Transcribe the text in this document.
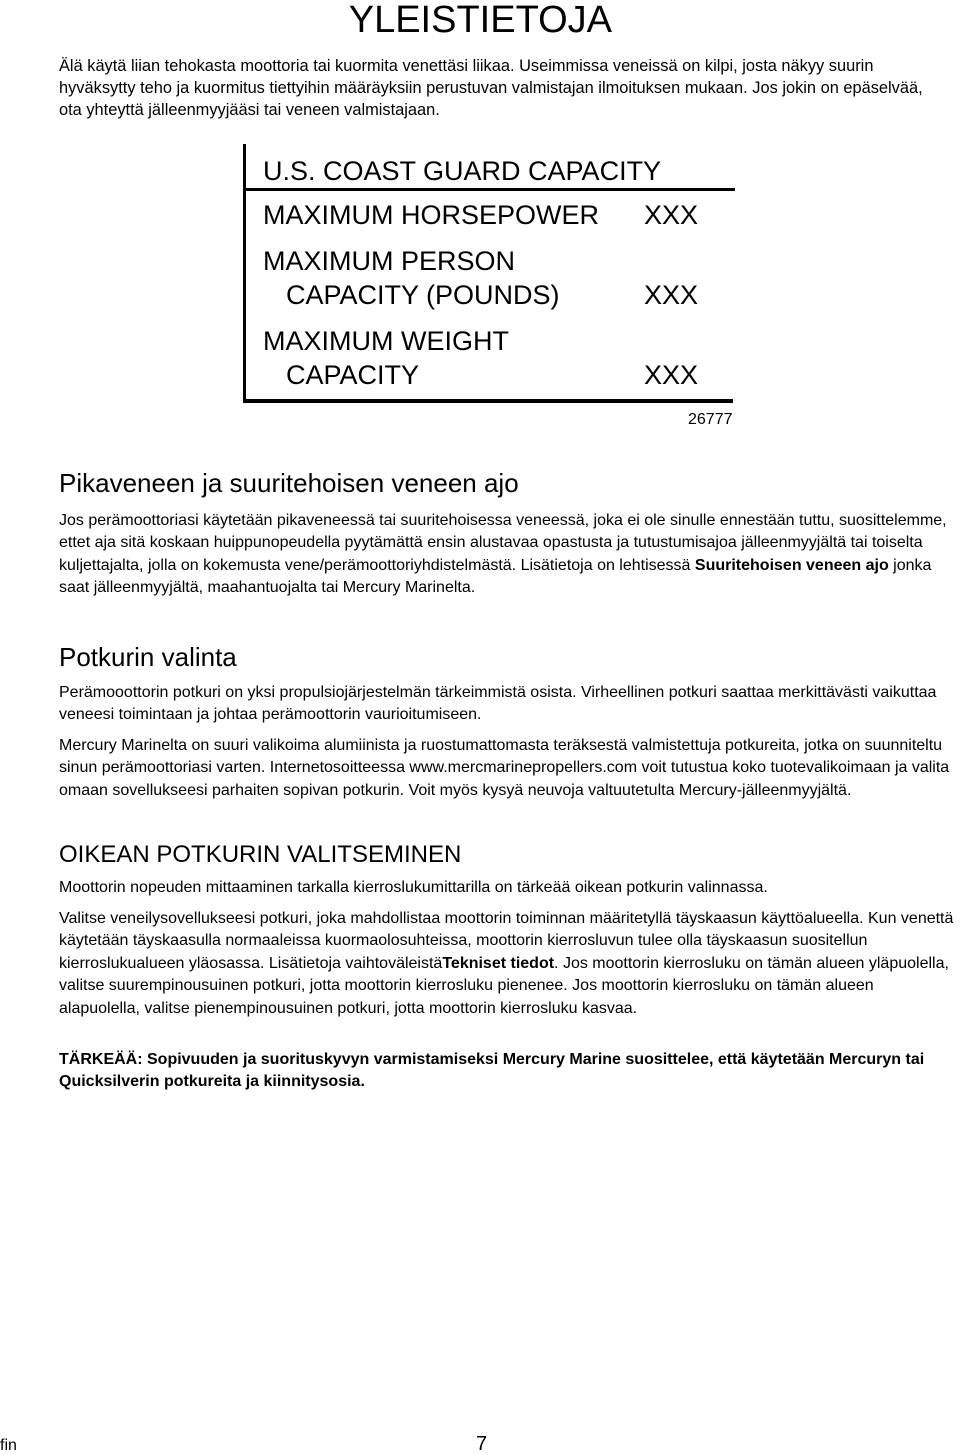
YLEISTIETOJA

Älä käytä liian tehokasta moottoria tai kuormita venettäsi liikaa. Useimmissa veneissä on kilpi, josta näkyy suurin hyväksytty teho ja kuormitus tiettyihin määräyksiin perustuvan valmistajan ilmoituksen mukaan. Jos jokin on epäselvää, ota yhteyttä jälleenmyyjääsi tai veneen valmistajaan.

U.S. COAST GUARD CAPACITY
MAXIMUM HORSEPOWER XXX
MAXIMUM PERSON
CAPACITY (POUNDS)	XXX
MAXIMUM WEIGHT
CAPACITY	XXX
26777
Pikaveneen ja suuritehoisen veneen ajo

Jos perämoottoriasi käytetään pikaveneessä tai suuritehoisessa veneessä, joka ei ole sinulle ennestään tuttu, suosittelemme, ettet aja sitä koskaan huippunopeudella pyytämättä ensin alustavaa opastusta ja tutustumisajoa jälleenmyyjältä tai toiselta kuljettajalta, jolla on kokemusta vene/perämoottoriyhdistelmästä. Lisätietoja on lehtisessä Suuritehoisen veneen ajo jonka saat jälleenmyyjältä, maahantuojalta tai Mercury Marinelta.

Potkurin valinta

Perämooottorin potkuri on yksi propulsiojärjestelmän tärkeimmistä osista. Virheellinen potkuri saattaa merkittävästi vaikuttaa veneesi toimintaan ja johtaa perämoottorin vaurioitumiseen.

Mercury Marinelta on suuri valikoima alumiinista ja ruostumattomasta teräksestä valmistettuja potkureita, jotka on suunniteltu sinun perämoottoriasi varten. Internetosoitteessa www.mercmarinepropellers.com voit tutustua koko tuotevalikoimaan ja valita omaan sovellukseesi parhaiten sopivan potkurin. Voit myös kysyä neuvoja valtuutetulta Mercury-jälleenmyyjältä.

OIKEAN POTKURIN VALITSEMINEN

Moottorin nopeuden mittaaminen tarkalla kierroslukumittarilla on tärkeää oikean potkurin valinnassa.

Valitse veneilysovellukseesi potkuri, joka mahdollistaa moottorin toiminnan määritetyllä täyskaasun käyttöalueella. Kun venettä käytetään täyskaasulla normaaleissa kuormaolosuhteissa, moottorin kierrosluvun tulee olla täyskaasun suositellun kierroslukualueen yläosassa. Lisätietoja vaihtoväleistäTekniset tiedot. Jos moottorin kierrosluku on tämän alueen yläpuolella, valitse suurempinousuinen potkuri, jotta moottorin kierrosluku pienenee. Jos moottorin kierrosluku on tämän alueen alapuolella, valitse pienempinousuinen potkuri, jotta moottorin kierrosluku kasvaa.

TÄRKEÄÄ: Sopivuuden ja suorituskyvyn varmistamiseksi Mercury Marine suosittelee, että käytetään Mercuryn tai Quicksilverin potkureita ja kiinnitysosia.

fin	7
